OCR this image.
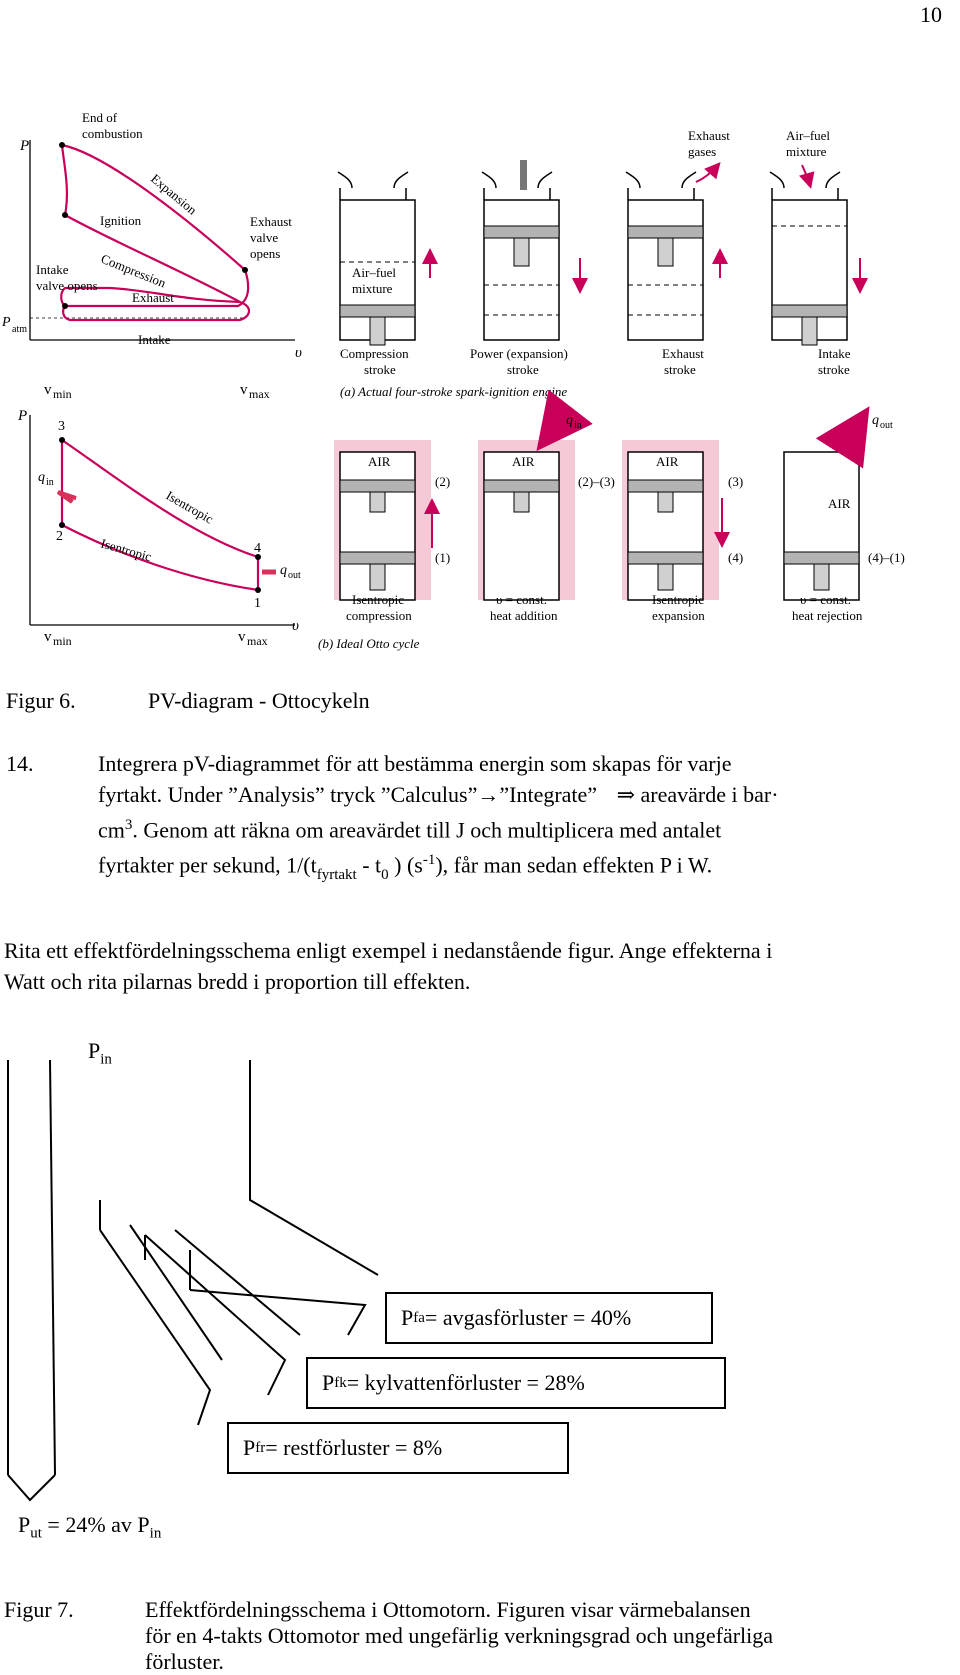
10
P
υ
P atm
End of
combustion
Expansion
Ignition	Exhaust
valve
opens
Intake
valve opens Compression
Exhaust
Intake
v min	v max
Air–fuel
mixture
Exhaust
gases
Air–fuel
mixture
Compression
stroke
Power (expansion)
stroke
Exhaust
stroke
Intake
stroke
(a) Actual four-stroke spark-ignition engine
P
υ
3
2
4
1
q in
q out
Isentropic
Isentropic
v min	v max
AIR
(2)
(1)
AIR
(2)–(3)
q in
AIR
(3)
(4)
AIR
(4)–(1)
q out
Isentropic
compression
υ = const.
heat addition
Isentropic
expansion
υ = const.
heat rejection
(b) Ideal Otto cycle
Figur 6.	PV-diagram - Ottocykeln
14.	Integrera pV-diagrammet för att bestämma energin som skapas för varje
fyrtakt. Under ”Analysis” tryck ”Calculus”→”Integrate” ⇒ areavärde i bar·
$cm^3$. Genom att räkna om areavärdet till J och multiplicera med antalet
fyrtakter per sekund, $1/(t_{fyrtakt} - t_0$ ) $(s^{-1})$, får man sedan effekten P i W.
Rita ett effektfördelningsschema enligt exempel i nedanstående figur. Ange effekterna i
Watt och rita pilarnas bredd i proportion till effekten.
$P_{in}$
P fa = avgasförluster = 40%
P fk = kylvattenförluster = 28%
P fr = restförluster = 8%
$P_{ut} = 24\%$ av $P_{in}$
Figur 7.	Effektfördelningsschema i Ottomotorn. Figuren visar värmebalansen
för en 4-takts Ottomotor med ungefärlig verkningsgrad och ungefärliga
förluster.
